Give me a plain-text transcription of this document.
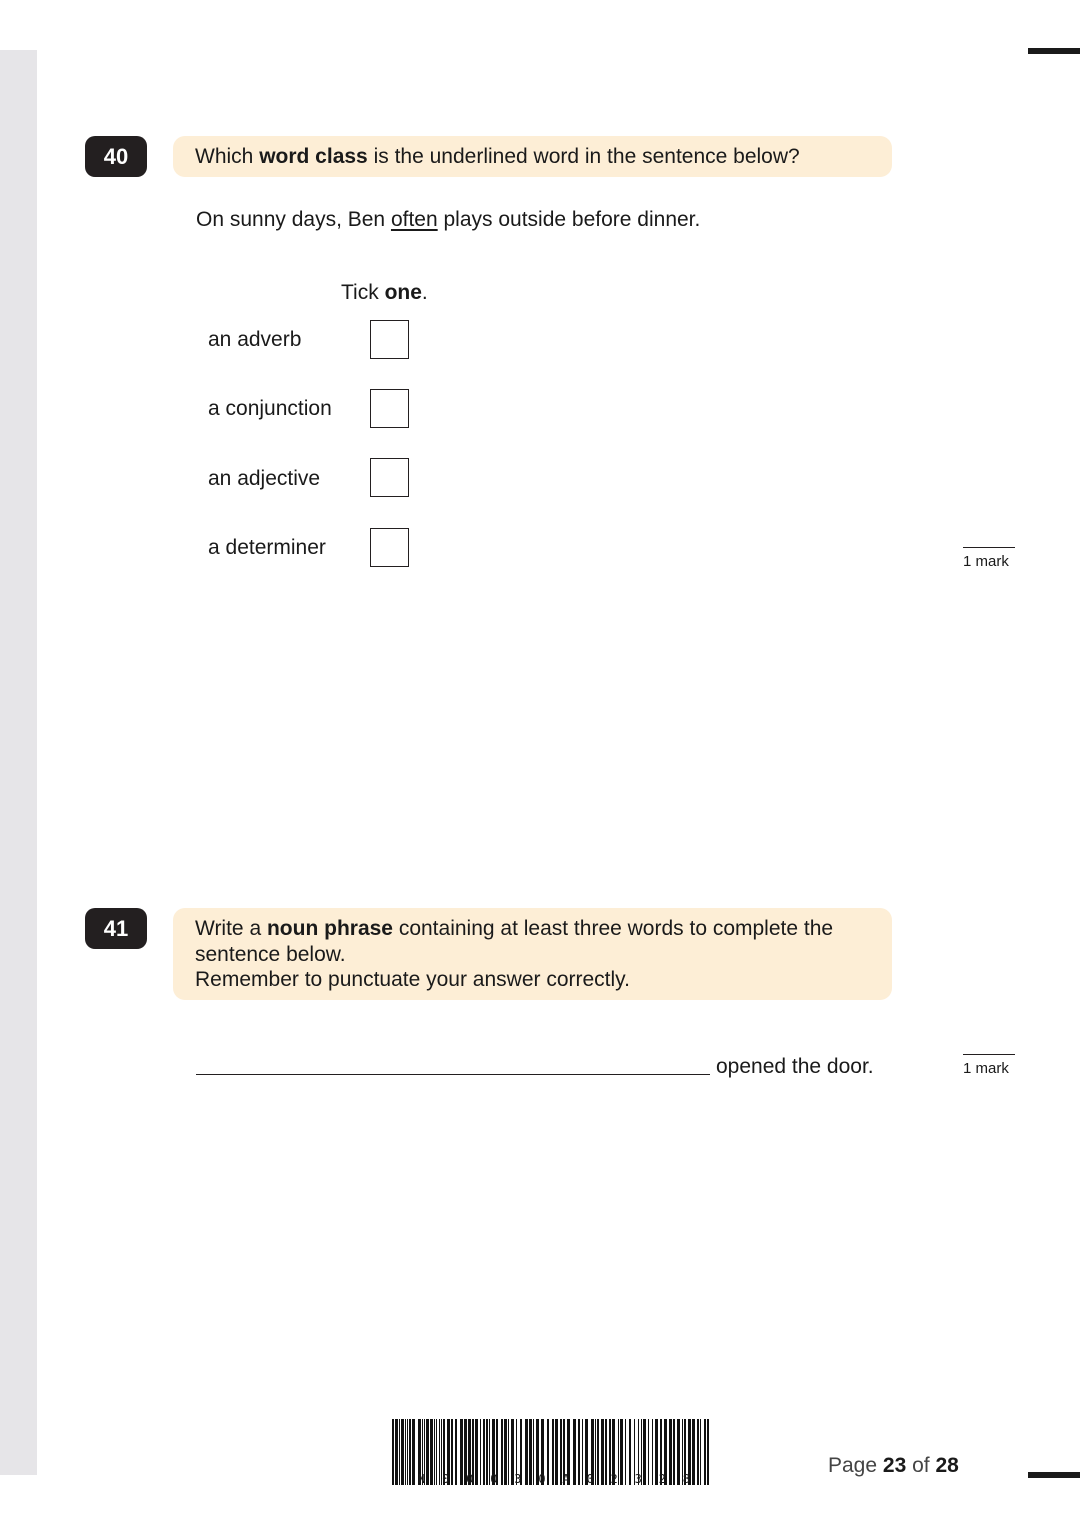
40	Which word class is the underlined word in the sentence below?
On sunny days, Ben often plays outside before dinner.
Tick one.
an adverb
a conjunction
an adjective
a determiner
1 mark
41	Write a noun phrase containing at least three words to complete the sentence below.
Remember to punctuate your answer correctly.
opened the door.	1 mark
N 0 0 0 3 0 A 0 2 3 2 8
Page 23 of 28
